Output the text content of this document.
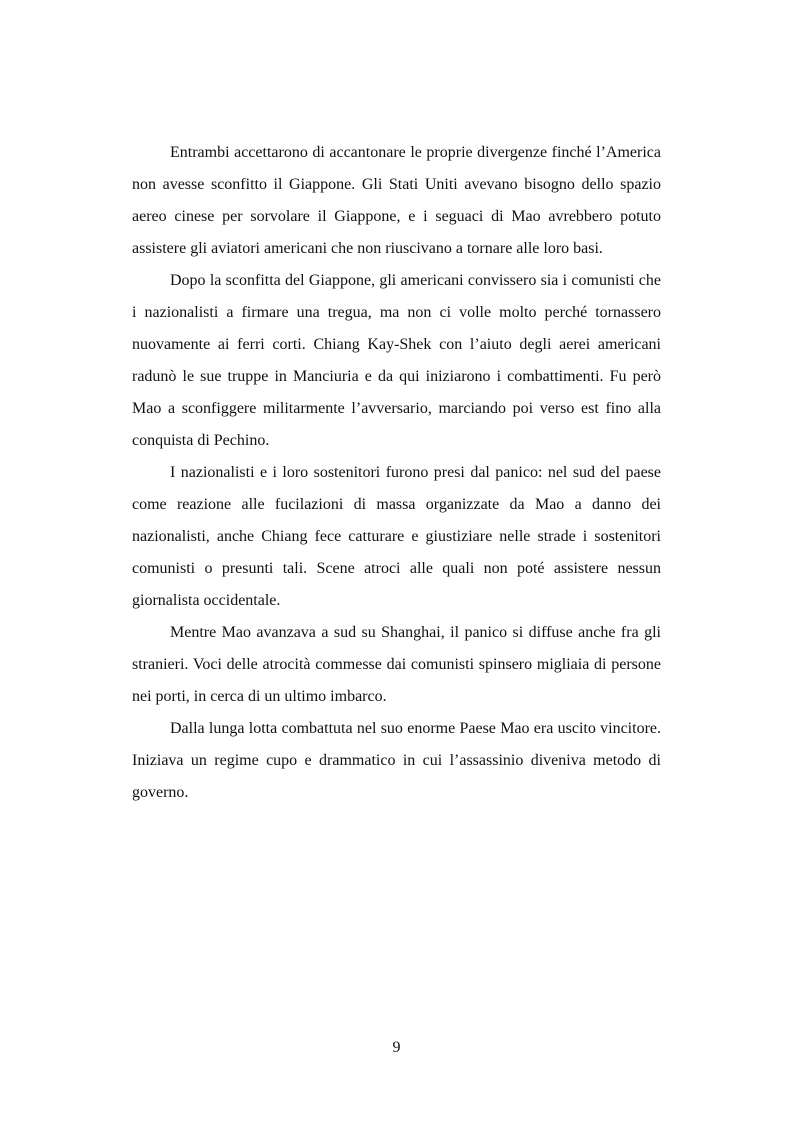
Entrambi accettarono di accantonare le proprie divergenze finché l’America non avesse sconfitto il Giappone. Gli Stati Uniti avevano bisogno dello spazio aereo cinese per sorvolare il Giappone, e i seguaci di Mao avrebbero potuto assistere gli aviatori americani che non riuscivano a tornare alle loro basi.

Dopo la sconfitta del Giappone, gli americani convissero sia i comunisti che i nazionalisti a firmare una tregua, ma non ci volle molto perché tornassero nuovamente ai ferri corti. Chiang Kay-Shek con l’aiuto degli aerei americani radunò le sue truppe in Manciuria e da qui iniziarono i combattimenti. Fu però Mao a sconfiggere militarmente l’avversario, marciando poi verso est fino alla conquista di Pechino.

I nazionalisti e i loro sostenitori furono presi dal panico: nel sud del paese come reazione alle fucilazioni di massa organizzate da Mao a danno dei nazionalisti, anche Chiang fece catturare e giustiziare nelle strade i sostenitori comunisti o presunti tali. Scene atroci alle quali non poté assistere nessun giornalista occidentale.

Mentre Mao avanzava a sud su Shanghai, il panico si diffuse anche fra gli stranieri. Voci delle atrocità commesse dai comunisti spinsero migliaia di persone nei porti, in cerca di un ultimo imbarco.

Dalla lunga lotta combattuta nel suo enorme Paese Mao era uscito vincitore. Iniziava un regime cupo e drammatico in cui l’assassinio diveniva metodo di governo.

9
